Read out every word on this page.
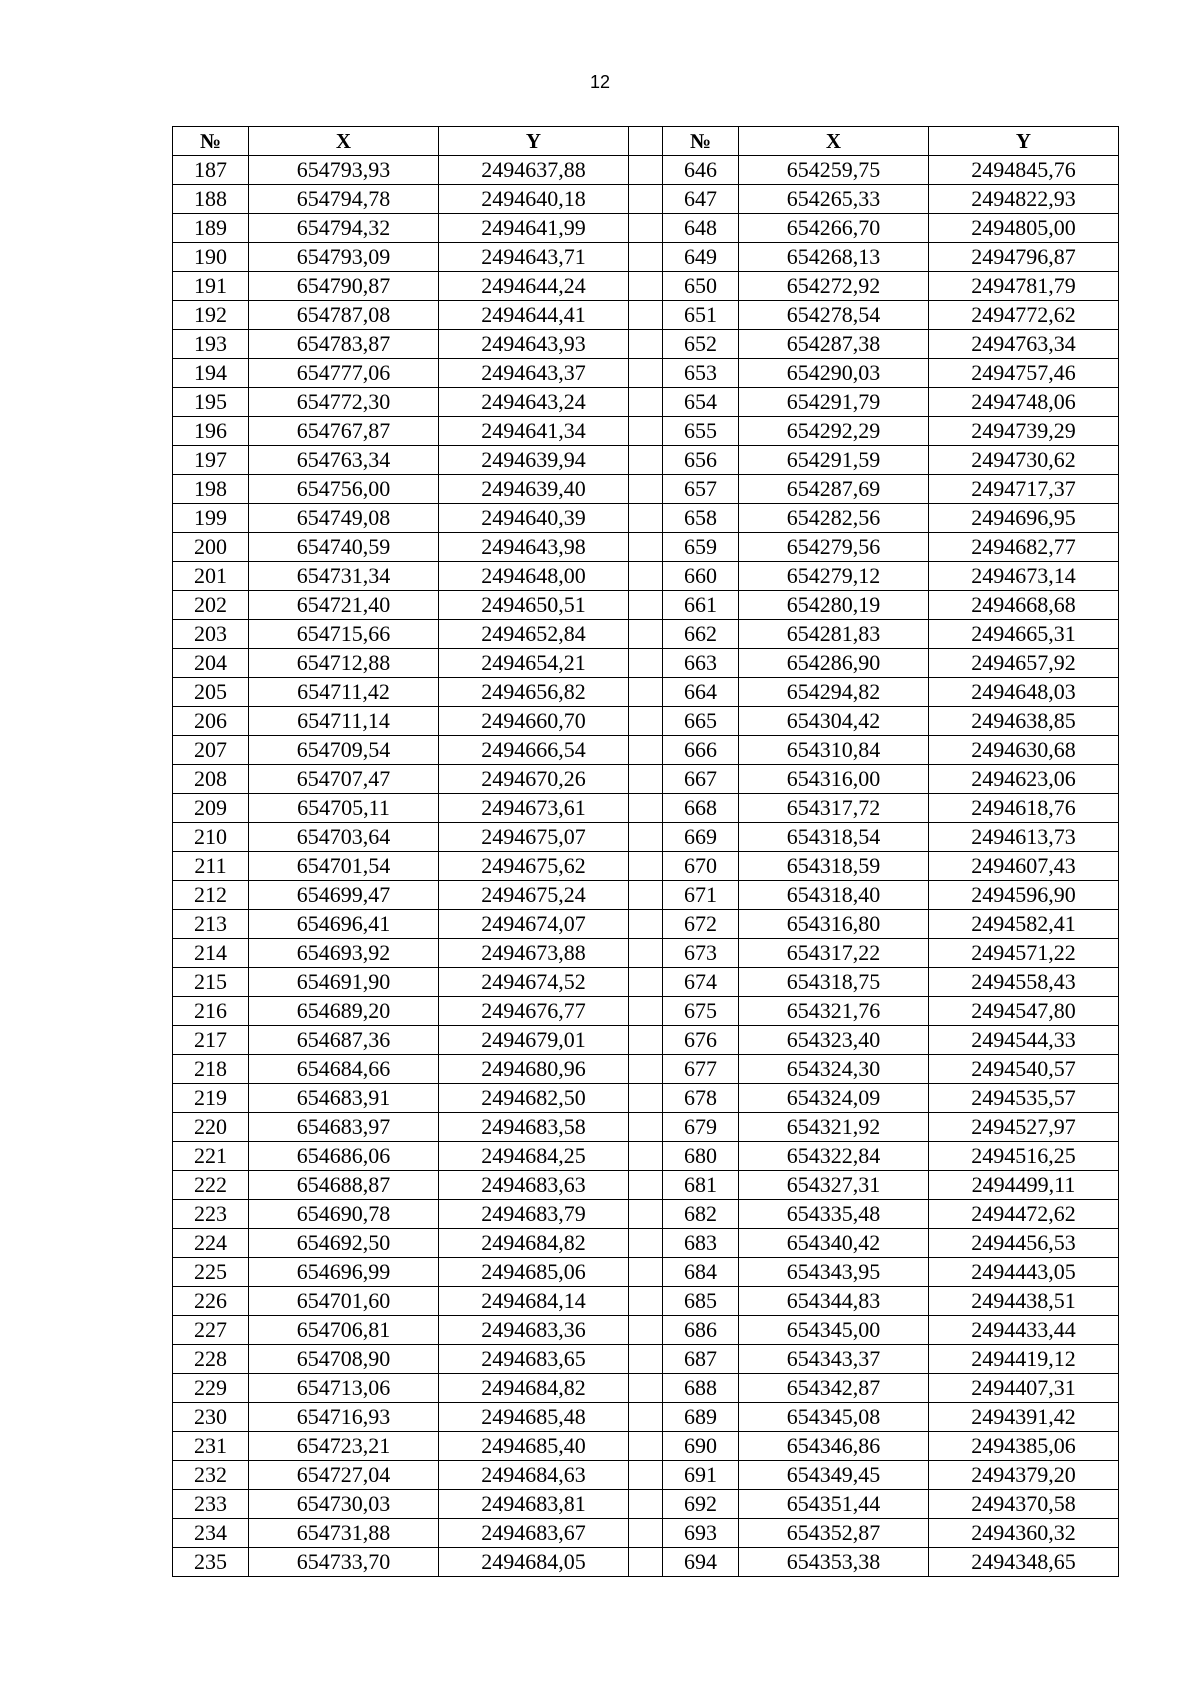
12
№	X	Y		№	X	Y
187	654793,93	2494637,88		646	654259,75	2494845,76
188	654794,78	2494640,18		647	654265,33	2494822,93
189	654794,32	2494641,99		648	654266,70	2494805,00
190	654793,09	2494643,71		649	654268,13	2494796,87
191	654790,87	2494644,24		650	654272,92	2494781,79
192	654787,08	2494644,41		651	654278,54	2494772,62
193	654783,87	2494643,93		652	654287,38	2494763,34
194	654777,06	2494643,37		653	654290,03	2494757,46
195	654772,30	2494643,24		654	654291,79	2494748,06
196	654767,87	2494641,34		655	654292,29	2494739,29
197	654763,34	2494639,94		656	654291,59	2494730,62
198	654756,00	2494639,40		657	654287,69	2494717,37
199	654749,08	2494640,39		658	654282,56	2494696,95
200	654740,59	2494643,98		659	654279,56	2494682,77
201	654731,34	2494648,00		660	654279,12	2494673,14
202	654721,40	2494650,51		661	654280,19	2494668,68
203	654715,66	2494652,84		662	654281,83	2494665,31
204	654712,88	2494654,21		663	654286,90	2494657,92
205	654711,42	2494656,82		664	654294,82	2494648,03
206	654711,14	2494660,70		665	654304,42	2494638,85
207	654709,54	2494666,54		666	654310,84	2494630,68
208	654707,47	2494670,26		667	654316,00	2494623,06
209	654705,11	2494673,61		668	654317,72	2494618,76
210	654703,64	2494675,07		669	654318,54	2494613,73
211	654701,54	2494675,62		670	654318,59	2494607,43
212	654699,47	2494675,24		671	654318,40	2494596,90
213	654696,41	2494674,07		672	654316,80	2494582,41
214	654693,92	2494673,88		673	654317,22	2494571,22
215	654691,90	2494674,52		674	654318,75	2494558,43
216	654689,20	2494676,77		675	654321,76	2494547,80
217	654687,36	2494679,01		676	654323,40	2494544,33
218	654684,66	2494680,96		677	654324,30	2494540,57
219	654683,91	2494682,50		678	654324,09	2494535,57
220	654683,97	2494683,58		679	654321,92	2494527,97
221	654686,06	2494684,25		680	654322,84	2494516,25
222	654688,87	2494683,63		681	654327,31	2494499,11
223	654690,78	2494683,79		682	654335,48	2494472,62
224	654692,50	2494684,82		683	654340,42	2494456,53
225	654696,99	2494685,06		684	654343,95	2494443,05
226	654701,60	2494684,14		685	654344,83	2494438,51
227	654706,81	2494683,36		686	654345,00	2494433,44
228	654708,90	2494683,65		687	654343,37	2494419,12
229	654713,06	2494684,82		688	654342,87	2494407,31
230	654716,93	2494685,48		689	654345,08	2494391,42
231	654723,21	2494685,40		690	654346,86	2494385,06
232	654727,04	2494684,63		691	654349,45	2494379,20
233	654730,03	2494683,81		692	654351,44	2494370,58
234	654731,88	2494683,67		693	654352,87	2494360,32
235	654733,70	2494684,05		694	654353,38	2494348,65
